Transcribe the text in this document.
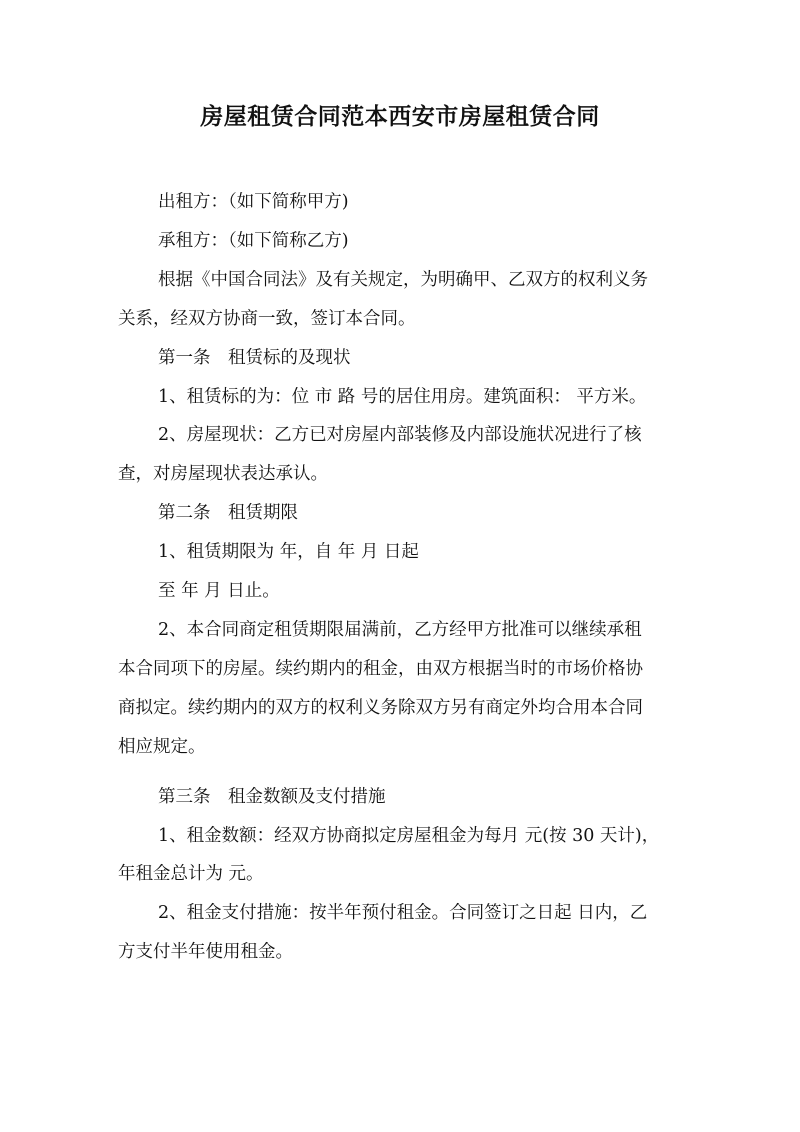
房屋租赁合同范本西安市房屋租赁合同
出租方：（如下简称甲方)
承租方：（如下简称乙方)
根据《中国合同法》及有关规定，为明确甲、乙双方的权利义务
关系，经双方协商一致，签订本合同。
第一条　租赁标的及现状
1、租赁标的为：位 市 路 号的居住用房。建筑面积： 平方米。
2、房屋现状：乙方已对房屋内部装修及内部设施状况进行了核
查，对房屋现状表达承认。
第二条　租赁期限
1、租赁期限为 年，自 年 月 日起
至 年 月 日止。
2、本合同商定租赁期限届满前，乙方经甲方批准可以继续承租
本合同项下的房屋。续约期内的租金，由双方根据当时的市场价格协
商拟定。续约期内的双方的权利义务除双方另有商定外均合用本合同
相应规定。
第三条　租金数额及支付措施
1、租金数额：经双方协商拟定房屋租金为每月 元(按 30 天计)，
年租金总计为 元。
2、租金支付措施：按半年预付租金。合同签订之日起 日内，乙
方支付半年使用租金。
